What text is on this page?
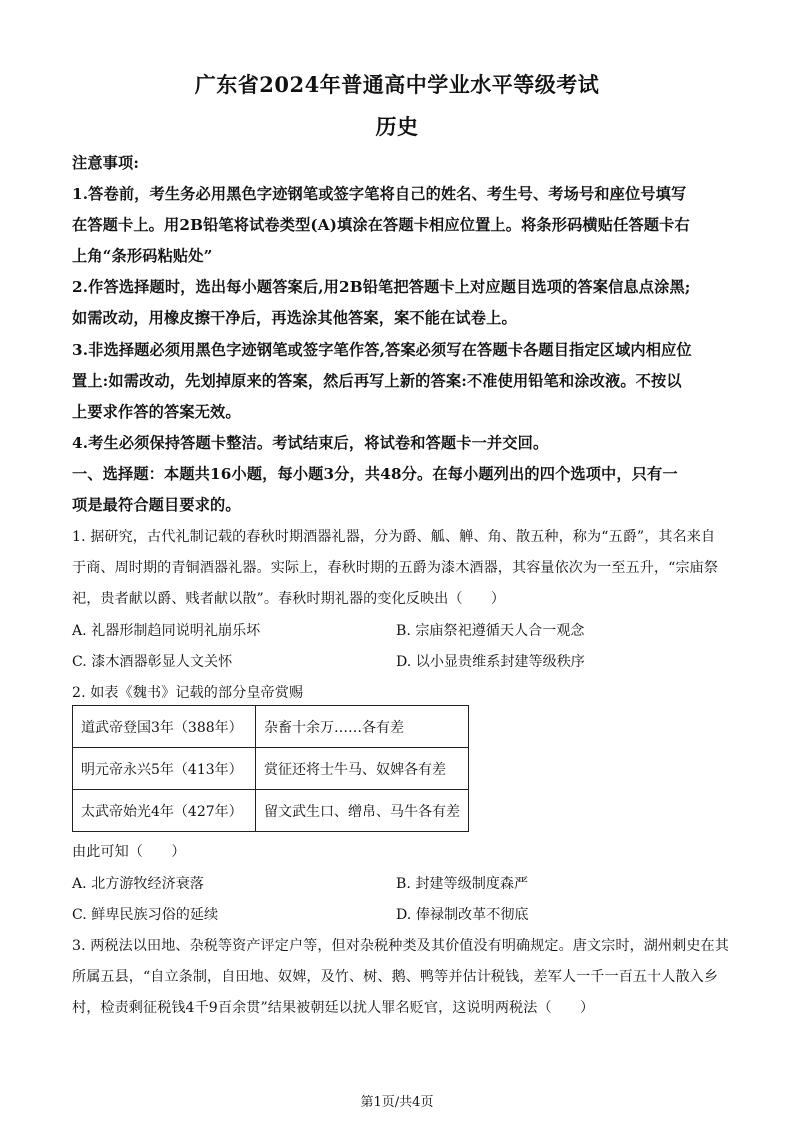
广东省2024年普通高中学业水平等级考试
历史
注意事项:
1.答卷前，考生务必用黑色字迹钢笔或签字笔将自己的姓名、考生号、考场号和座位号填写
在答题卡上。用2B铅笔将试卷类型(A)填涂在答题卡相应位置上。将条形码横贴任答题卡右
上角“条形码粘贴处”
2.作答选择题时，选出每小题答案后,用2B铅笔把答题卡上对应题目选项的答案信息点涂黑;
如需改动，用橡皮擦干净后，再选涂其他答案，案不能在试卷上。
3.非选择题必须用黑色字迹钢笔或签字笔作答,答案必须写在答题卡各题目指定区域内相应位
置上:如需改动，先划掉原来的答案，然后再写上新的答案:不准使用铅笔和涂改液。不按以
上要求作答的答案无效。
4.考生必须保持答题卡整洁。考试结束后，将试卷和答题卡一并交回。
一、选择题：本题共16小题，每小题3分，共48分。在每小题列出的四个选项中，只有一
项是最符合题目要求的。
1. 据研究，古代礼制记载的春秋时期酒器礼器，分为爵、觚、觯、角、散五种，称为“五爵”，其名来自
于商、周时期的青铜酒器礼器。实际上，春秋时期的五爵为漆木酒器，其容量依次为一至五升，“宗庙祭
祀，贵者献以爵、贱者献以散”。春秋时期礼器的变化反映出（　　）
A. 礼器形制趋同说明礼崩乐坏	B. 宗庙祭祀遵循天人合一观念
C. 漆木酒器彰显人文关怀	D. 以小显贵维系封建等级秩序
2. 如表《魏书》记载的部分皇帝赏赐
道武帝登国3年（388年）	杂畜十余万……各有差
明元帝永兴5年（413年）	赏征还将士牛马、奴婢各有差
太武帝始光4年（427年）	留文武生口、缯帛、马牛各有差
由此可知（　　）
A. 北方游牧经济衰落	B. 封建等级制度森严
C. 鲜卑民族习俗的延续	D. 俸禄制改革不彻底
3. 两税法以田地、杂税等资产评定户等，但对杂税种类及其价值没有明确规定。唐文宗时，湖州刺史在其
所属五县，“自立条制，自田地、奴婢，及竹、树、鹅、鸭等并估计税钱，差军人一千一百五十人散入乡
村，检责剩征税钱4千9百余贯”结果被朝廷以扰人罪名贬官，这说明两税法（　　）
第1页/共4页
